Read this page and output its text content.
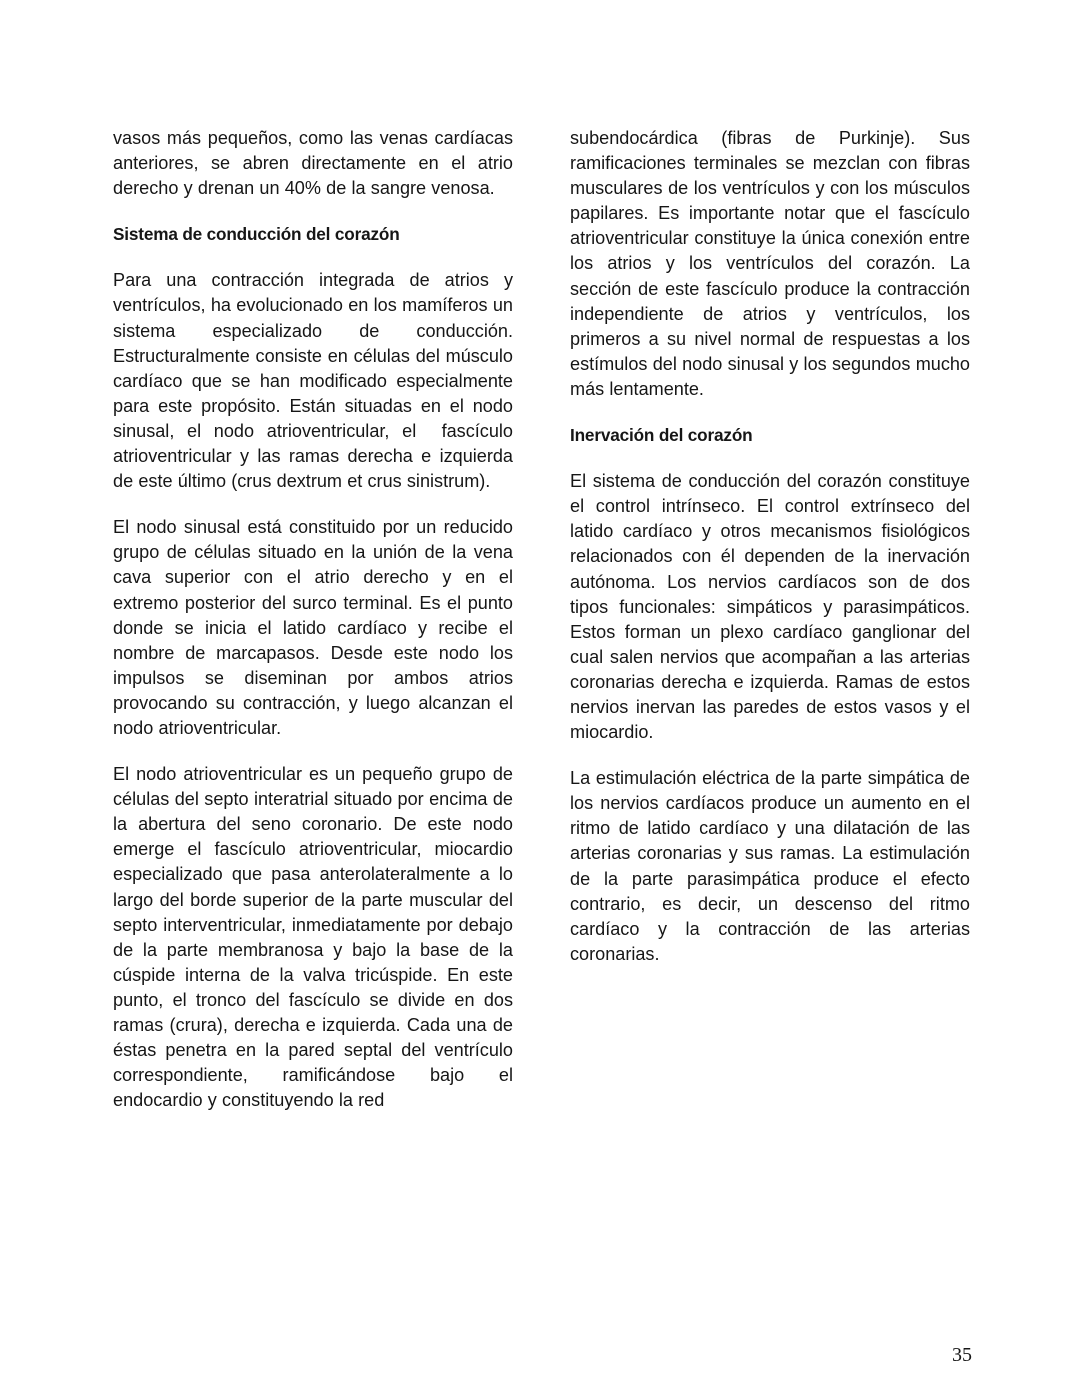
vasos más pequeños, como las venas cardíacas anteriores, se abren directamente en el atrio derecho y drenan un 40% de la sangre venosa.

Sistema de conducción del corazón

Para una contracción integrada de atrios y ventrículos, ha evolucionado en los mamíferos un sistema especializado de conducción. Estructuralmente consiste en células del músculo cardíaco que se han modificado especialmente para este propósito. Están situadas en el nodo sinusal, el nodo atrioventricular, el  fascículo atrioventricular y las ramas derecha e izquierda de este último (crus dextrum et crus sinistrum).

El nodo sinusal está constituido por un reducido grupo de células situado en la unión de la vena cava superior con el atrio derecho y en el extremo posterior del surco terminal. Es el punto donde se inicia el latido cardíaco y recibe el nombre de marcapasos. Desde este nodo los impulsos se diseminan por ambos atrios provocando su contracción, y luego alcanzan el nodo atrioventricular.

El nodo atrioventricular es un pequeño grupo de células del septo interatrial situado por encima de la abertura del seno coronario. De este nodo emerge el fascículo atrioventricular, miocardio especializado que pasa anterolateralmente a lo largo del borde superior de la parte muscular del septo interventricular, inmediatamente por debajo de la parte membranosa y bajo la base de la cúspide interna de la valva tricúspide. En este punto, el tronco del fascículo se divide en dos ramas (crura), derecha e izquierda. Cada una de éstas penetra en la pared septal del ventrículo correspondiente, ramificándose bajo el endocardio y constituyendo la red

subendocárdica (fibras de Purkinje). Sus ramificaciones terminales se mezclan con fibras musculares de los ventrículos y con los músculos papilares. Es importante notar que el fascículo atrioventricular constituye la única conexión entre los atrios y los ventrículos del corazón. La sección de este fascículo produce la contracción independiente de atrios y ventrículos, los primeros a su nivel normal de respuestas a los estímulos del nodo sinusal y los segundos mucho más lentamente.

Inervación del corazón

El sistema de conducción del corazón constituye el control intrínseco. El control extrínseco del latido cardíaco y otros mecanismos fisiológicos relacionados con él dependen de la inervación autónoma. Los nervios cardíacos son de dos tipos funcionales: simpáticos y parasimpáticos. Estos forman un plexo cardíaco ganglionar del cual salen nervios que acompañan a las arterias coronarias derecha e izquierda. Ramas de estos nervios inervan las paredes de estos vasos y el miocardio.

La estimulación eléctrica de la parte simpática de los nervios cardíacos produce un aumento en el ritmo de latido cardíaco y una dilatación de las arterias coronarias y sus ramas. La estimulación de la parte parasimpática produce el efecto contrario, es decir, un descenso del ritmo cardíaco y la contracción de las arterias coronarias.

35
